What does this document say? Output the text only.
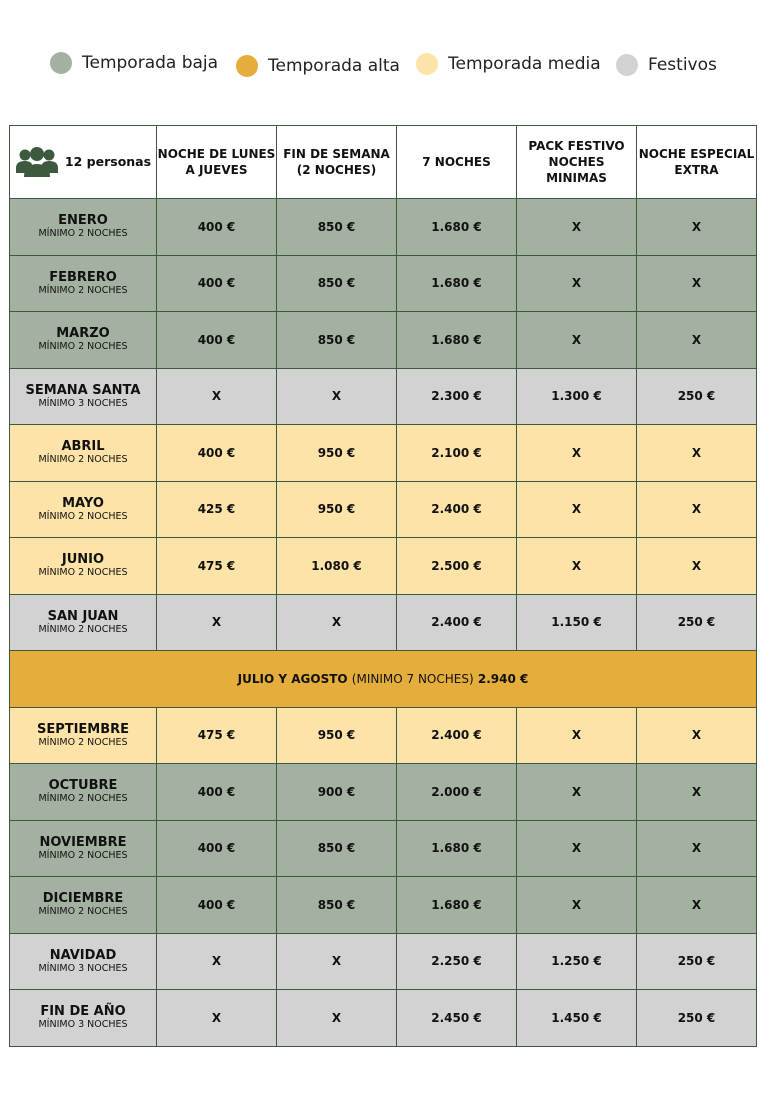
Temporada baja	Temporada alta	Temporada media	Festivos
12 personas	NOCHE DE LUNES A JUEVES	FIN DE SEMANA (2 NOCHES)	7 NOCHES	PACK FESTIVO NOCHES MINIMAS	NOCHE ESPECIAL EXTRA

ENERO
MÍNIMO 2 NOCHES	400 €	850 €	1.680 €	X	X

FEBRERO
MÍNIMO 2 NOCHES	400 €	850 €	1.680 €	X	X

MARZO
MÍNIMO 2 NOCHES	400 €	850 €	1.680 €	X	X

SEMANA SANTA
MÍNIMO 3 NOCHES	X	X	2.300 €	1.300 €	250 €

ABRIL
MÍNIMO 2 NOCHES	400 €	950 €	2.100 €	X	X

MAYO
MÍNIMO 2 NOCHES	425 €	950 €	2.400 €	X	X

JUNIO
MÍNIMO 2 NOCHES	475 €	1.080 €	2.500 €	X	X

SAN JUAN
MÍNIMO 2 NOCHES	X	X	2.400 €	1.150 €	250 €
JULIO Y AGOSTO (MINIMO 7 NOCHES) 2.940 €					

SEPTIEMBRE
MÍNIMO 2 NOCHES	475 €	950 €	2.400 €	X	X

OCTUBRE
MÍNIMO 2 NOCHES	400 €	900 €	2.000 €	X	X

NOVIEMBRE
MÍNIMO 2 NOCHES	400 €	850 €	1.680 €	X	X

DICIEMBRE
MÍNIMO 2 NOCHES	400 €	850 €	1.680 €	X	X

NAVIDAD
MÍNIMO 3 NOCHES	X	X	2.250 €	1.250 €	250 €

FIN DE AÑO
MÍNIMO 3 NOCHES	X	X	2.450 €	1.450 €	250 €
